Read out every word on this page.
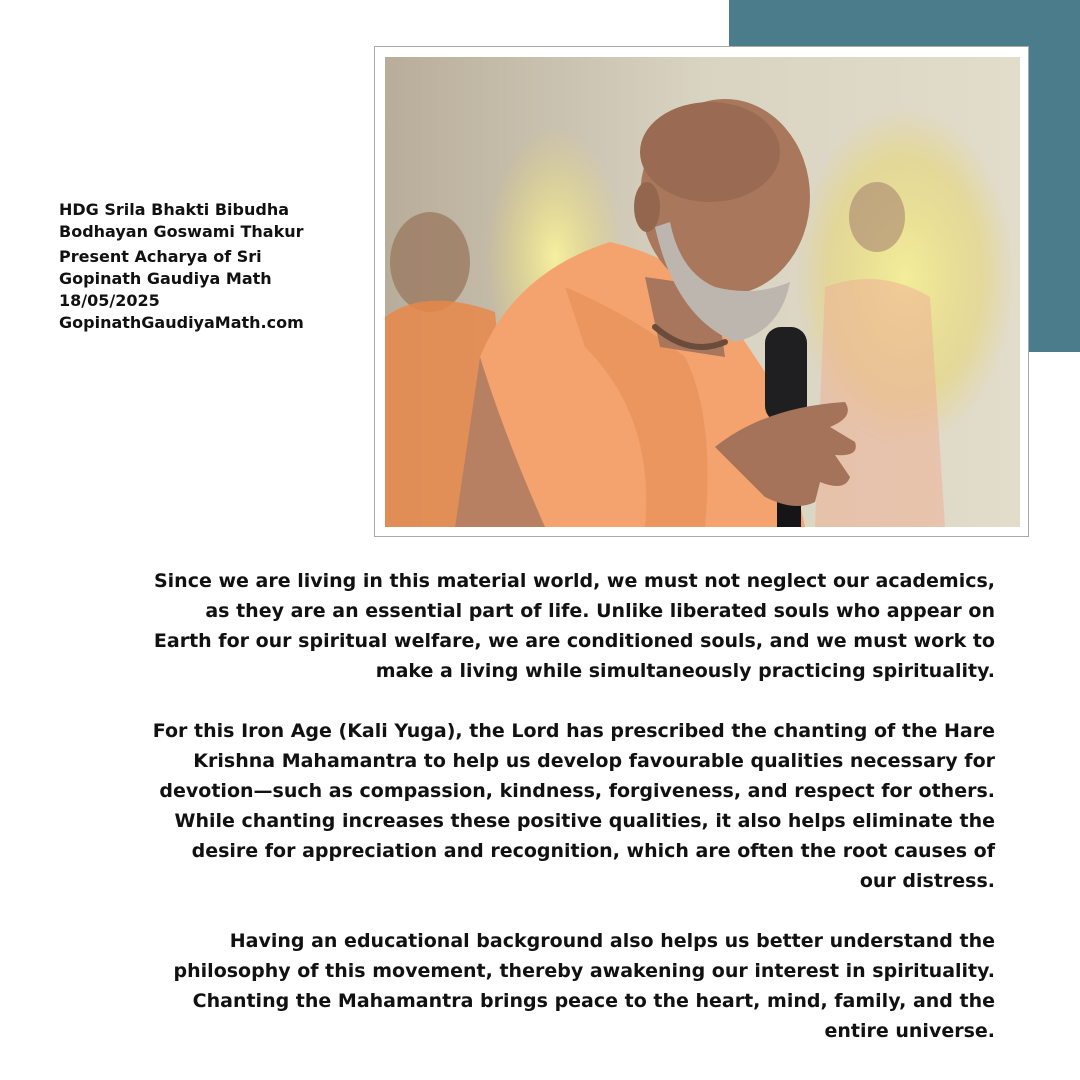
HDG Srila Bhakti Bibudha
Bodhayan Goswami Thakur
Present Acharya of Sri
Gopinath Gaudiya Math
18/05/2025
GopinathGaudiyaMath.com

Since we are living in this material world, we must not neglect our academics, as they are an essential part of life. Unlike liberated souls who appear on Earth for our spiritual welfare, we are conditioned souls, and we must work to make a living while simultaneously practicing spirituality.

For this Iron Age (Kali Yuga), the Lord has prescribed the chanting of the Hare Krishna Mahamantra to help us develop favourable qualities necessary for devotion—such as compassion, kindness, forgiveness, and respect for others. While chanting increases these positive qualities, it also helps eliminate the desire for appreciation and recognition, which are often the root causes of our distress.

Having an educational background also helps us better understand the philosophy of this movement, thereby awakening our interest in spirituality. Chanting the Mahamantra brings peace to the heart, mind, family, and the entire universe.
